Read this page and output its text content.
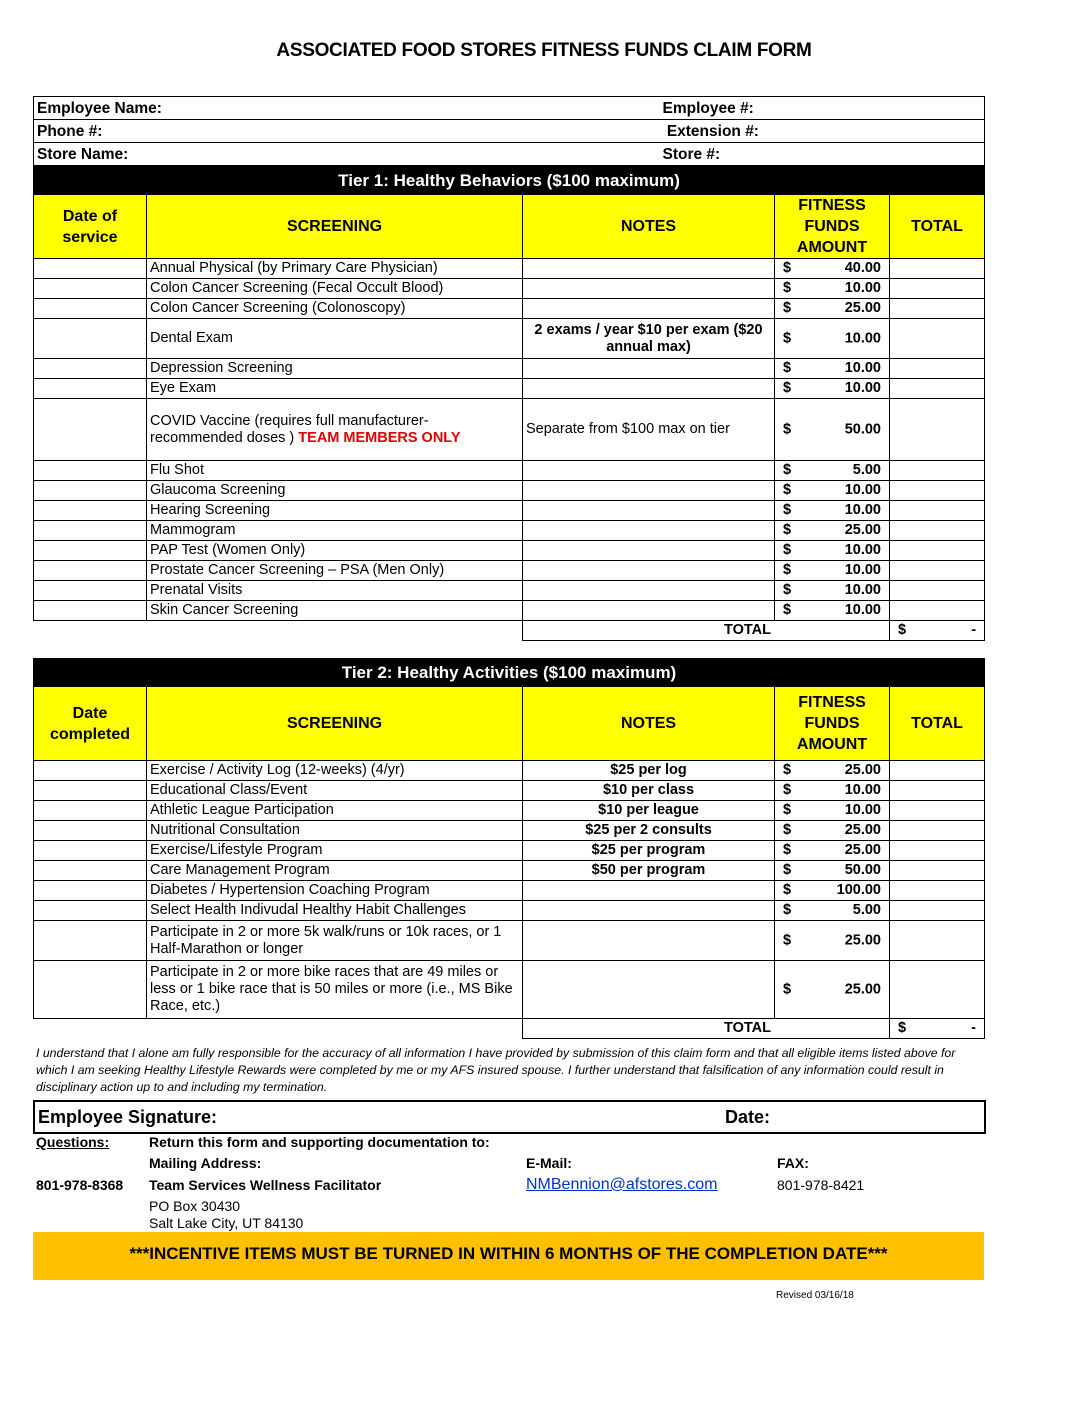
ASSOCIATED FOOD STORES FITNESS FUNDS CLAIM FORM
Employee Name:	Employee #:
Phone #:	Extension #:
Store Name:	Store #:
Tier 1: Healthy Behaviors ($100 maximum)				
Date of service	SCREENING	NOTES	FITNESS FUNDS AMOUNT	TOTAL
	Annual Physical (by Primary Care Physician)		$ 40.00	

	Colon Cancer Screening (Fecal Occult Blood)		$ 10.00	

	Colon Cancer Screening (Colonoscopy)		$ 25.00	

	Dental Exam	2 exams / year $10 per exam ($20 annual max)	$ 10.00	

	Depression Screening		$ 10.00	

	Eye Exam		$ 10.00	

	COVID Vaccine (requires full manufacturer-recommended doses ) TEAM MEMBERS ONLY	Separate from $100 max on tier	$ 50.00	

	Flu Shot		$ 5.00	

	Glaucoma Screening		$ 10.00	

	Hearing Screening		$ 10.00	

	Mammogram		$ 25.00	

	PAP Test (Women Only)		$ 10.00	

	Prostate Cancer Screening – PSA (Men Only)		$ 10.00	

	Prenatal Visits		$ 10.00	

	Skin Cancer Screening		$ 10.00	

		TOTAL		$ -
Tier 2: Healthy Activities ($100 maximum)				
Date completed	SCREENING	NOTES	FITNESS FUNDS AMOUNT	TOTAL
	Exercise / Activity Log (12-weeks) (4/yr)	$25 per log	$ 25.00	

	Educational Class/Event	$10 per class	$ 10.00	

	Athletic League Participation	$10 per league	$ 10.00	

	Nutritional Consultation	$25 per 2 consults	$ 25.00	

	Exercise/Lifestyle Program	$25 per program	$ 25.00	

	Care Management Program	$50 per program	$ 50.00	

	Diabetes / Hypertension Coaching Program		$ 100.00	

	Select Health Indivudal Healthy Habit Challenges		$ 5.00	

	Participate in 2 or more 5k walk/runs or 10k races, or 1 Half-Marathon or longer		$ 25.00	

	Participate in 2 or more bike races that are 49 miles or less or 1 bike race that is 50 miles or more (i.e., MS Bike Race, etc.)		$ 25.00	

		TOTAL		$ -
I understand that I alone am fully responsible for the accuracy of all information I have provided by submission of this claim form and that all eligible items listed above for which I am seeking Healthy Lifestyle Rewards were completed by me or my AFS insured spouse. I further understand that falsification of any information could result in disciplinary action up to and including my termination.
Employee Signature:	Date:
Questions:	Return this form and supporting documentation to:
Mailing Address:	E-Mail:	FAX:
801-978-8368 Team Services Wellness Facilitator
PO Box 30430
Salt Lake City, UT 84130
NMBennion@afstores.com	801-978-8421
***INCENTIVE ITEMS MUST BE TURNED IN WITHIN 6 MONTHS OF THE COMPLETION DATE***
Revised 03/16/18
